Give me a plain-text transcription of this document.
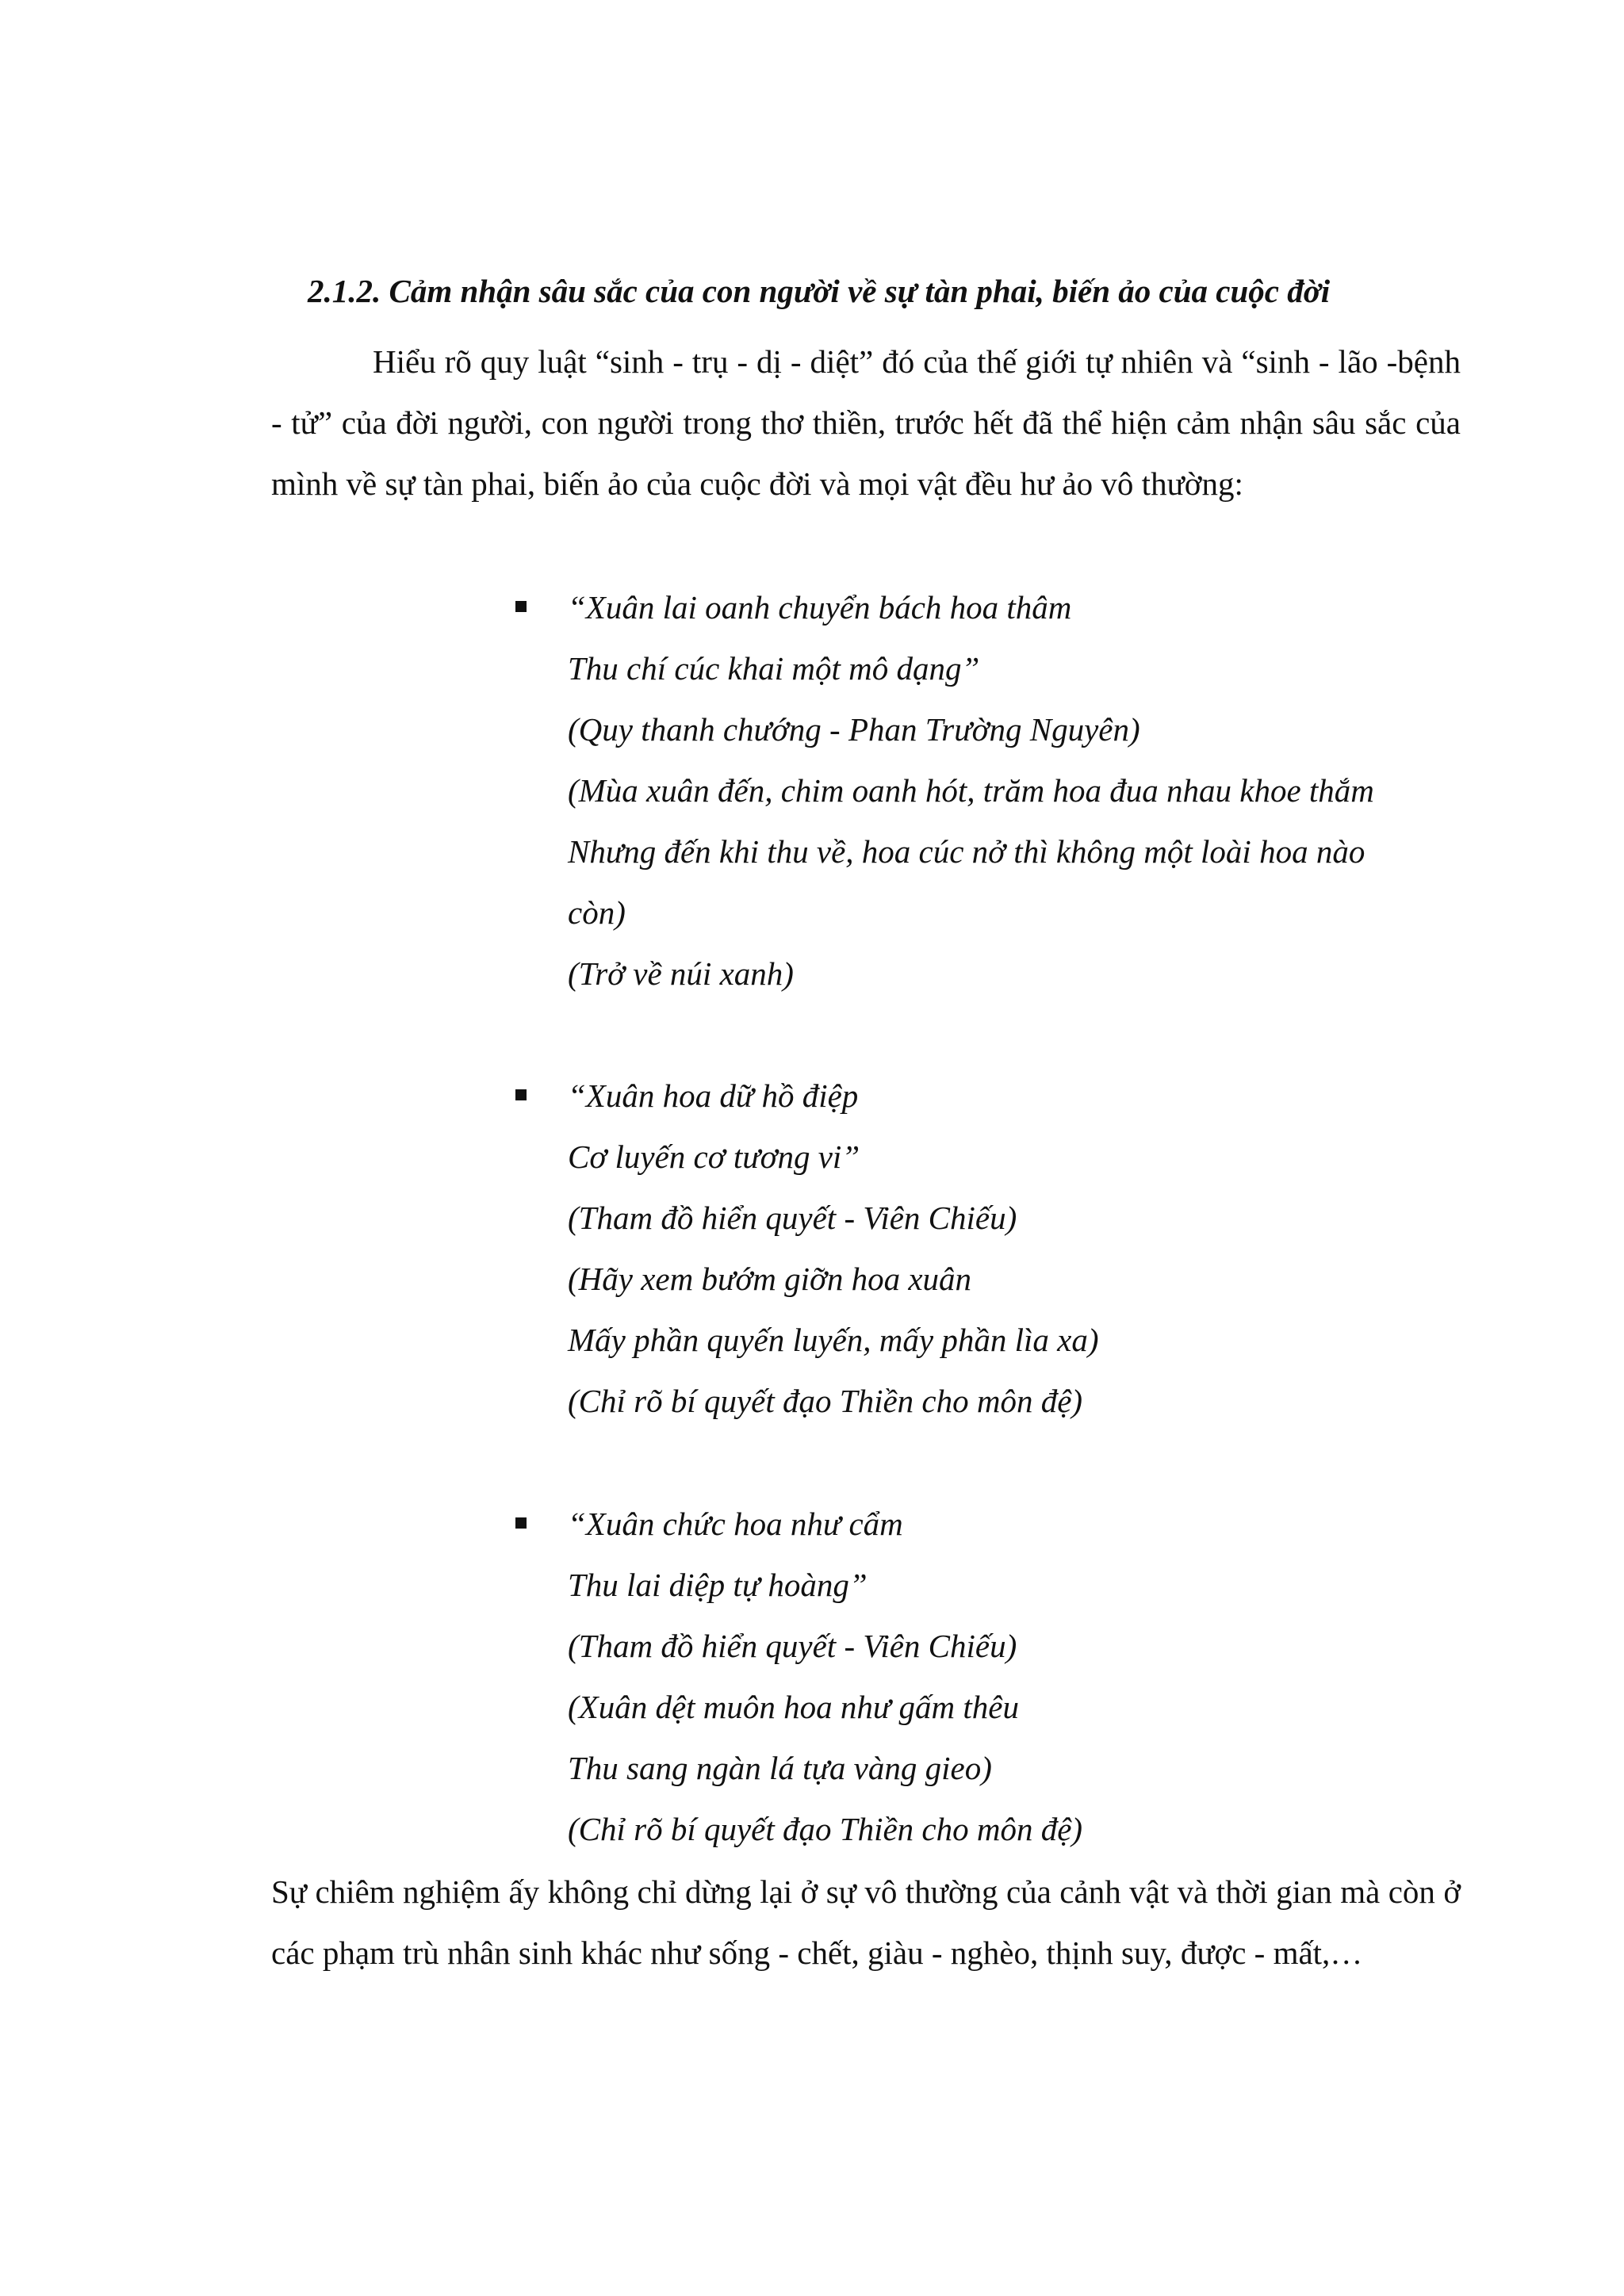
2.1.2. Cảm nhận sâu sắc của con người về sự tàn phai, biến ảo của cuộc đời

Hiểu rõ quy luật “sinh - trụ - dị - diệt” đó của thế giới tự nhiên và “sinh - lão -bệnh - tử” của đời người, con người trong thơ thiền, trước hết đã thể hiện cảm nhận sâu sắc của mình về sự tàn phai, biến ảo của cuộc đời và mọi vật đều hư ảo vô thường:

“Xuân lai oanh chuyển bách hoa thâm
Thu chí cúc khai một mô dạng”
(Quy thanh chướng - Phan Trường Nguyên)
(Mùa xuân đến, chim oanh hót, trăm hoa đua nhau khoe thắm
Nhưng đến khi thu về, hoa cúc nở thì không một loài hoa nào
còn)
(Trở về núi xanh)
“Xuân hoa dữ hồ điệp
Cơ luyến cơ tương vi”
(Tham đồ hiển quyết - Viên Chiếu)
(Hãy xem bướm giỡn hoa xuân
Mấy phần quyến luyến, mấy phần lìa xa)
(Chỉ rõ bí quyết đạo Thiền cho môn đệ)
“Xuân chức hoa như cẩm
Thu lai diệp tự hoàng”
(Tham đồ hiển quyết - Viên Chiếu)
(Xuân dệt muôn hoa như gấm thêu
Thu sang ngàn lá tựa vàng gieo)
(Chỉ rõ bí quyết đạo Thiền cho môn đệ)

Sự chiêm nghiệm ấy không chỉ dừng lại ở sự vô thường của cảnh vật và thời gian mà còn ở các phạm trù nhân sinh khác như sống - chết, giàu - nghèo, thịnh suy, được - mất,…
